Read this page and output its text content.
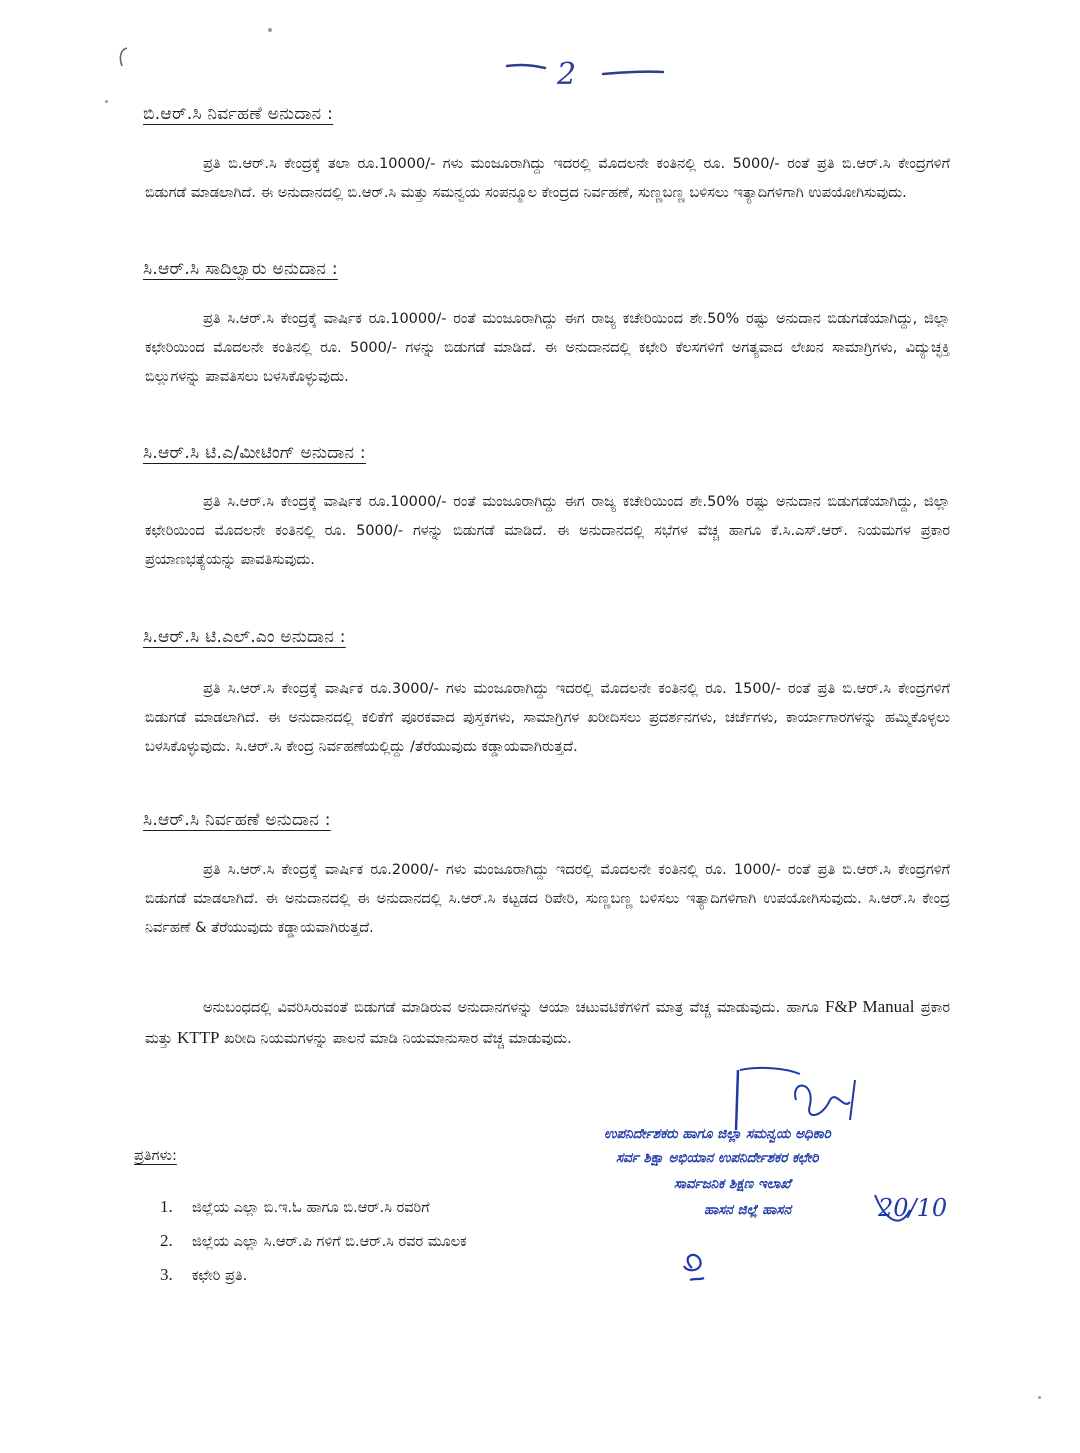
2
ಬಿ.ಆರ್.ಸಿ ನಿರ್ವಹಣೆ ಅನುದಾನ :

ಪ್ರತಿ ಬಿ.ಆರ್.ಸಿ ಕೇಂದ್ರಕ್ಕೆ ತಲಾ ರೂ.10000/- ಗಳು ಮಂಜೂರಾಗಿದ್ದು ಇದರಲ್ಲಿ ಮೊದಲನೇ ಕಂತಿನಲ್ಲಿ ರೂ. 5000/- ರಂತೆ ಪ್ರತಿ ಬಿ.ಆರ್.ಸಿ ಕೇಂದ್ರಗಳಿಗೆ ಬಿಡುಗಡೆ ಮಾಡಲಾಗಿದೆ. ಈ ಅನುದಾನದಲ್ಲಿ ಬಿ.ಆರ್.ಸಿ ಮತ್ತು ಸಮನ್ವಯ ಸಂಪನ್ಮೂಲ ಕೇಂದ್ರದ ನಿರ್ವಹಣೆ, ಸುಣ್ಣಬಣ್ಣ ಬಳಿಸಲು ಇತ್ಯಾದಿಗಳಿಗಾಗಿ ಉಪಯೋಗಿಸುವುದು.

ಸಿ.ಆರ್.ಸಿ ಸಾದಿಲ್ವಾರು ಅನುದಾನ :

ಪ್ರತಿ ಸಿ.ಆರ್.ಸಿ ಕೇಂದ್ರಕ್ಕೆ ವಾರ್ಷಿಕ ರೂ.10000/- ರಂತೆ ಮಂಜೂರಾಗಿದ್ದು ಈಗ ರಾಜ್ಯ ಕಚೇರಿಯಿಂದ ಶೇ.50% ರಷ್ಟು ಅನುದಾನ ಬಿಡುಗಡೆಯಾಗಿದ್ದು, ಜಿಲ್ಲಾ ಕಛೇರಿಯಿಂದ ಮೊದಲನೇ ಕಂತಿನಲ್ಲಿ ರೂ. 5000/- ಗಳನ್ನು ಬಿಡುಗಡೆ ಮಾಡಿದೆ. ಈ ಅನುದಾನದಲ್ಲಿ ಕಛೇರಿ ಕೆಲಸಗಳಿಗೆ ಅಗತ್ಯವಾದ ಲೇಖನ ಸಾಮಾಗ್ರಿಗಳು, ವಿದ್ಯುಚ್ಛಕ್ತಿ ಬಿಲ್ಲುಗಳನ್ನು ಪಾವತಿಸಲು ಬಳಸಿಕೊಳ್ಳುವುದು.

ಸಿ.ಆರ್.ಸಿ ಟಿ.ಎ/ಮೀಟಿಂಗ್ ಅನುದಾನ :

ಪ್ರತಿ ಸಿ.ಆರ್.ಸಿ ಕೇಂದ್ರಕ್ಕೆ ವಾರ್ಷಿಕ ರೂ.10000/- ರಂತೆ ಮಂಜೂರಾಗಿದ್ದು ಈಗ ರಾಜ್ಯ ಕಚೇರಿಯಿಂದ ಶೇ.50% ರಷ್ಟು ಅನುದಾನ ಬಿಡುಗಡೆಯಾಗಿದ್ದು, ಜಿಲ್ಲಾ ಕಛೇರಿಯಿಂದ ಮೊದಲನೇ ಕಂತಿನಲ್ಲಿ ರೂ. 5000/- ಗಳನ್ನು ಬಿಡುಗಡೆ ಮಾಡಿದೆ. ಈ ಅನುದಾನದಲ್ಲಿ ಸಭೆಗಳ ವೆಚ್ಚ ಹಾಗೂ ಕೆ.ಸಿ.ಎಸ್.ಆರ್. ನಿಯಮಗಳ ಪ್ರಕಾರ ಪ್ರಯಾಣಭತ್ಯೆಯನ್ನು ಪಾವತಿಸುವುದು.

ಸಿ.ಆರ್.ಸಿ ಟಿ.ಎಲ್.ಎಂ ಅನುದಾನ :

ಪ್ರತಿ ಸಿ.ಆರ್.ಸಿ ಕೇಂದ್ರಕ್ಕೆ ವಾರ್ಷಿಕ ರೂ.3000/- ಗಳು ಮಂಜೂರಾಗಿದ್ದು ಇದರಲ್ಲಿ ಮೊದಲನೇ ಕಂತಿನಲ್ಲಿ ರೂ. 1500/- ರಂತೆ ಪ್ರತಿ ಬಿ.ಆರ್.ಸಿ ಕೇಂದ್ರಗಳಿಗೆ ಬಿಡುಗಡೆ ಮಾಡಲಾಗಿದೆ. ಈ ಅನುದಾನದಲ್ಲಿ ಕಲಿಕೆಗೆ ಪೂರಕವಾದ ಪುಸ್ತಕಗಳು, ಸಾಮಾಗ್ರಿಗಳ ಖರೀದಿಸಲು ಪ್ರದರ್ಶನಗಳು, ಚರ್ಚೆಗಳು, ಕಾರ್ಯಾಗಾರಗಳನ್ನು ಹಮ್ಮಿಕೊಳ್ಳಲು ಬಳಸಿಕೊಳ್ಳುವುದು. ಸಿ.ಆರ್.ಸಿ ಕೇಂದ್ರ ನಿರ್ವಹಣೆಯಲ್ಲಿದ್ದು /ತೆರೆಯುವುದು ಕಡ್ಡಾಯವಾಗಿರುತ್ತದೆ.

ಸಿ.ಆರ್.ಸಿ ನಿರ್ವಹಣೆ ಅನುದಾನ :

ಪ್ರತಿ ಸಿ.ಆರ್.ಸಿ ಕೇಂದ್ರಕ್ಕೆ ವಾರ್ಷಿಕ ರೂ.2000/- ಗಳು ಮಂಜೂರಾಗಿದ್ದು ಇದರಲ್ಲಿ ಮೊದಲನೇ ಕಂತಿನಲ್ಲಿ ರೂ. 1000/- ರಂತೆ ಪ್ರತಿ ಬಿ.ಆರ್.ಸಿ ಕೇಂದ್ರಗಳಿಗೆ ಬಿಡುಗಡೆ ಮಾಡಲಾಗಿದೆ. ಈ ಅನುದಾನದಲ್ಲಿ ಈ ಅನುದಾನದಲ್ಲಿ ಸಿ.ಆರ್.ಸಿ ಕಟ್ಟಡದ ರಿಪೇರಿ, ಸುಣ್ಣಬಣ್ಣ ಬಳಿಸಲು ಇತ್ಯಾದಿಗಳಿಗಾಗಿ ಉಪಯೋಗಿಸುವುದು. ಸಿ.ಆರ್.ಸಿ ಕೇಂದ್ರ ನಿರ್ವಹಣೆ & ತೆರೆಯುವುದು ಕಡ್ಡಾಯವಾಗಿರುತ್ತದೆ.

ಅನುಬಂಧದಲ್ಲಿ ವಿವರಿಸಿರುವಂತೆ ಬಿಡುಗಡೆ ಮಾಡಿರುವ ಅನುದಾನಗಳನ್ನು ಆಯಾ ಚಟುವಟಿಕೆಗಳಿಗೆ ಮಾತ್ರ ವೆಚ್ಚ ಮಾಡುವುದು. ಹಾಗೂ F&P Manual ಪ್ರಕಾರ ಮತ್ತು KTTP ಖರೀದಿ ನಿಯಮಗಳನ್ನು ಪಾಲನೆ ಮಾಡಿ ನಿಯಮಾನುಸಾರ ವೆಚ್ಚ ಮಾಡುವುದು.

ಉಪನಿರ್ದೇಶಕರು ಹಾಗೂ ಜಿಲ್ಲಾ ಸಮನ್ವಯ ಅಧಿಕಾರಿ
ಸರ್ವ ಶಿಕ್ಷಾ ಅಭಿಯಾನ ಉಪನಿರ್ದೇಶಕರ ಕಛೇರಿ
ಸಾರ್ವಜನಿಕ ಶಿಕ್ಷಣ ಇಲಾಖೆ
ಹಾಸನ ಜಿಲ್ಲೆ ಹಾಸನ	20/10
ಪ್ರತಿಗಳು:
1. ಜಿಲ್ಲೆಯ ಎಲ್ಲಾ ಬಿ.ಇ.ಓ ಹಾಗೂ ಬಿ.ಆರ್.ಸಿ ರವರಿಗೆ
2. ಜಿಲ್ಲೆಯ ಎಲ್ಲಾ ಸಿ.ಆರ್.ಪಿ ಗಳಿಗೆ ಬಿ.ಆರ್.ಸಿ ರವರ ಮೂಲಕ
3. ಕಛೇರಿ ಪ್ರತಿ.
